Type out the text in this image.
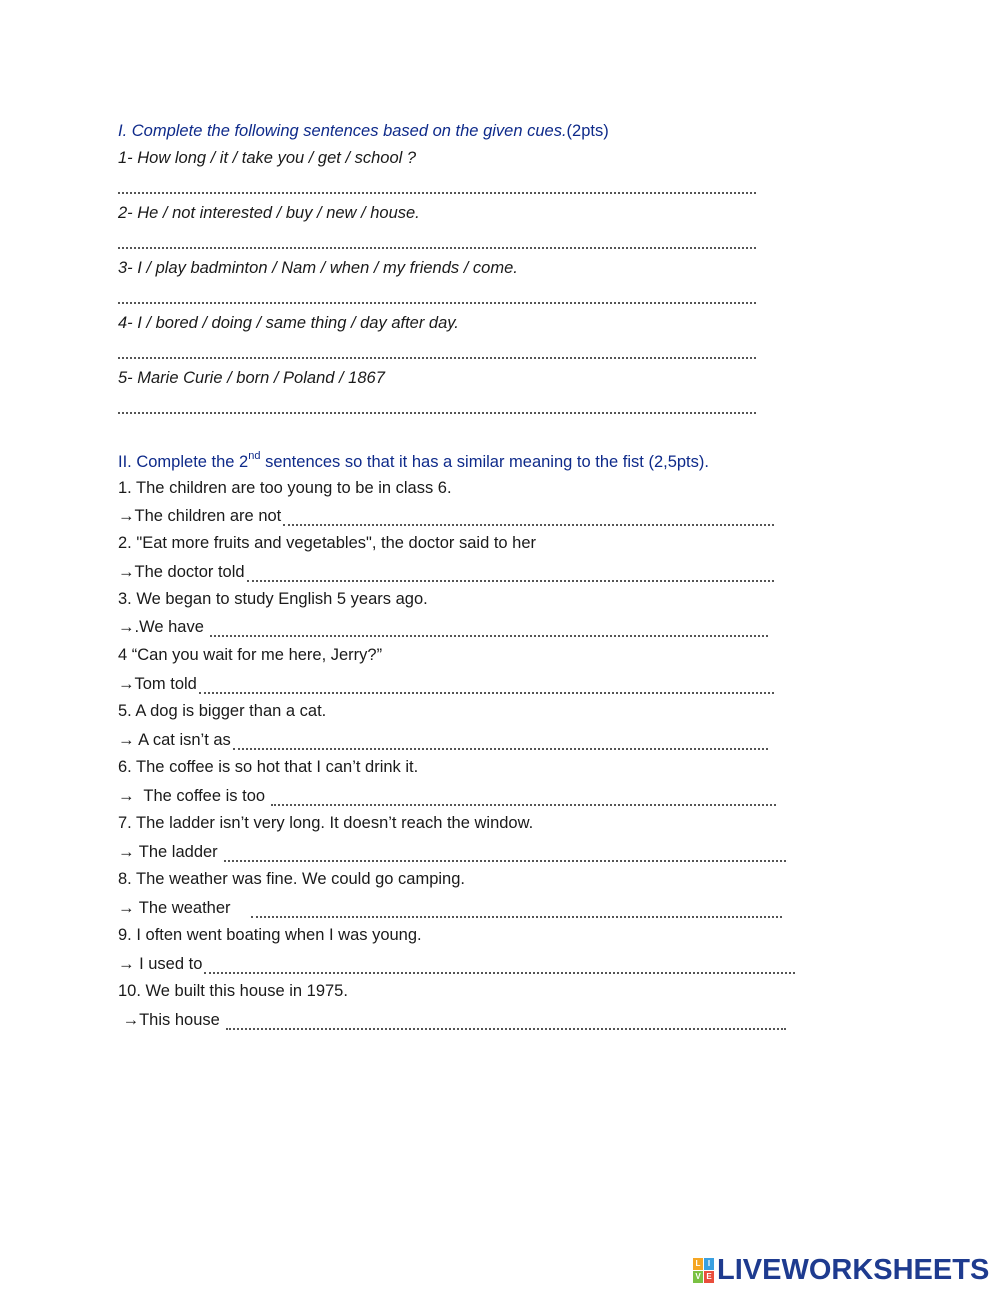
I. Complete the following sentences based on the given cues.(2pts)
1- How long / it / take you / get / school ?
2- He / not interested / buy / new / house.
3- I / play badminton / Nam / when / my friends / come.
4- I / bored / doing / same thing / day after day.
5- Marie Curie / born / Poland / 1867
II. Complete the 2nd sentences so that it has a similar meaning to the fist (2,5pts).
1. The children are too young to be in class 6.
→The children are not
2. "Eat more fruits and vegetables", the doctor said to her
→The doctor told
3. We began to study English 5 years ago.
→.We have
4 “Can you wait for me here, Jerry?”
→Tom told
5. A dog is bigger than a cat.
→ A cat isn’t as
6. The coffee is so hot that I can’t drink it.
→  The coffee is too
7. The ladder isn’t very long. It doesn’t reach the window.
→ The ladder
8. The weather was fine. We could go camping.
→ The weather
9. I often went boating when I was young.
→ I used to
10. We built this house in 1975.
→This house
L I
V E LIVEWORKSHEETS
